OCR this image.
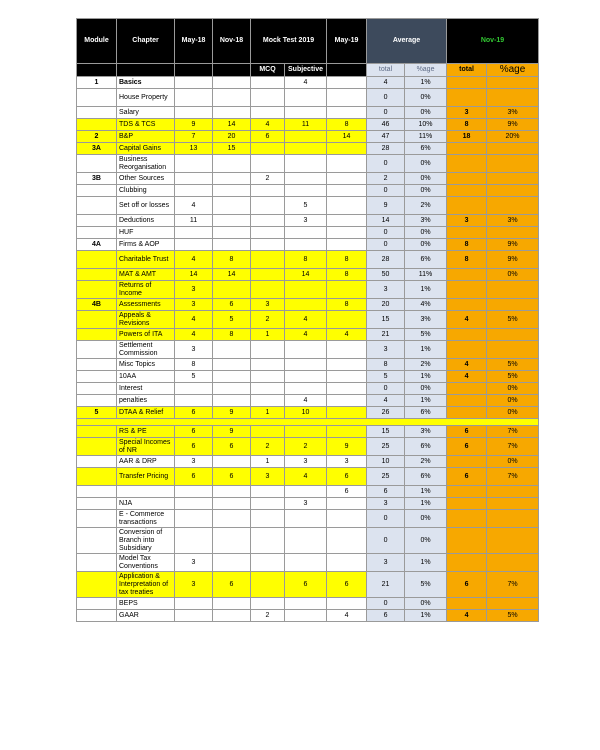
Module	Chapter	May-18	Nov-18	Mock Test 2019		May-19	Average		Nov-19	
				MCQ	Subjective		total	%age	total	%age
1	Basics				4		4	1%		
	House Property						0	0%		
	Salary						0	0%	3	3%
	TDS & TCS	9	14	4	11	8	46	10%	8	9%
2	B&P	7	20	6		14	47	11%	18	20%
3A	Capital Gains	13	15				28	6%		
	Business Reorganisation						0	0%		
3B	Other Sources			2			2	0%		
	Clubbing						0	0%		
	Set off or losses	4			5		9	2%		
	Deductions	11			3		14	3%	3	3%
	HUF						0	0%		
4A	Firms & AOP						0	0%	8	9%
	Charitable Trust	4	8		8	8	28	6%	8	9%
	MAT & AMT	14	14		14	8	50	11%		0%
	Returns of Income	3					3	1%		
4B	Assessments	3	6	3		8	20	4%		
	Appeals & Revisions	4	5	2	4		15	3%	4	5%
	Powers of ITA	4	8	1	4	4	21	5%		
	Settlement Commission	3					3	1%		
	Misc Topics	8					8	2%	4	5%
	10AA	5					5	1%	4	5%
	Interest						0	0%		0%
	penalties				4		4	1%		0%
5	DTAA & Relief	6	9	1	10		26	6%		0%

	RS & PE	6	9				15	3%	6	7%
	Special Incomes of NR	6	6	2	2	9	25	6%	6	7%
	AAR & DRP	3		1	3	3	10	2%		0%
	Transfer Pricing	6	6	3	4	6	25	6%	6	7%
						6	6	1%		
	NJA				3		3	1%		
	E - Commerce transactions						0	0%		
	Conversion of Branch into Subsidiary						0	0%		
	Model Tax Conventions	3					3	1%		
	Application & Interpretation of tax treaties	3	6		6	6	21	5%	6	7%
	BEPS						0	0%		
	GAAR			2		4	6	1%	4	5%
